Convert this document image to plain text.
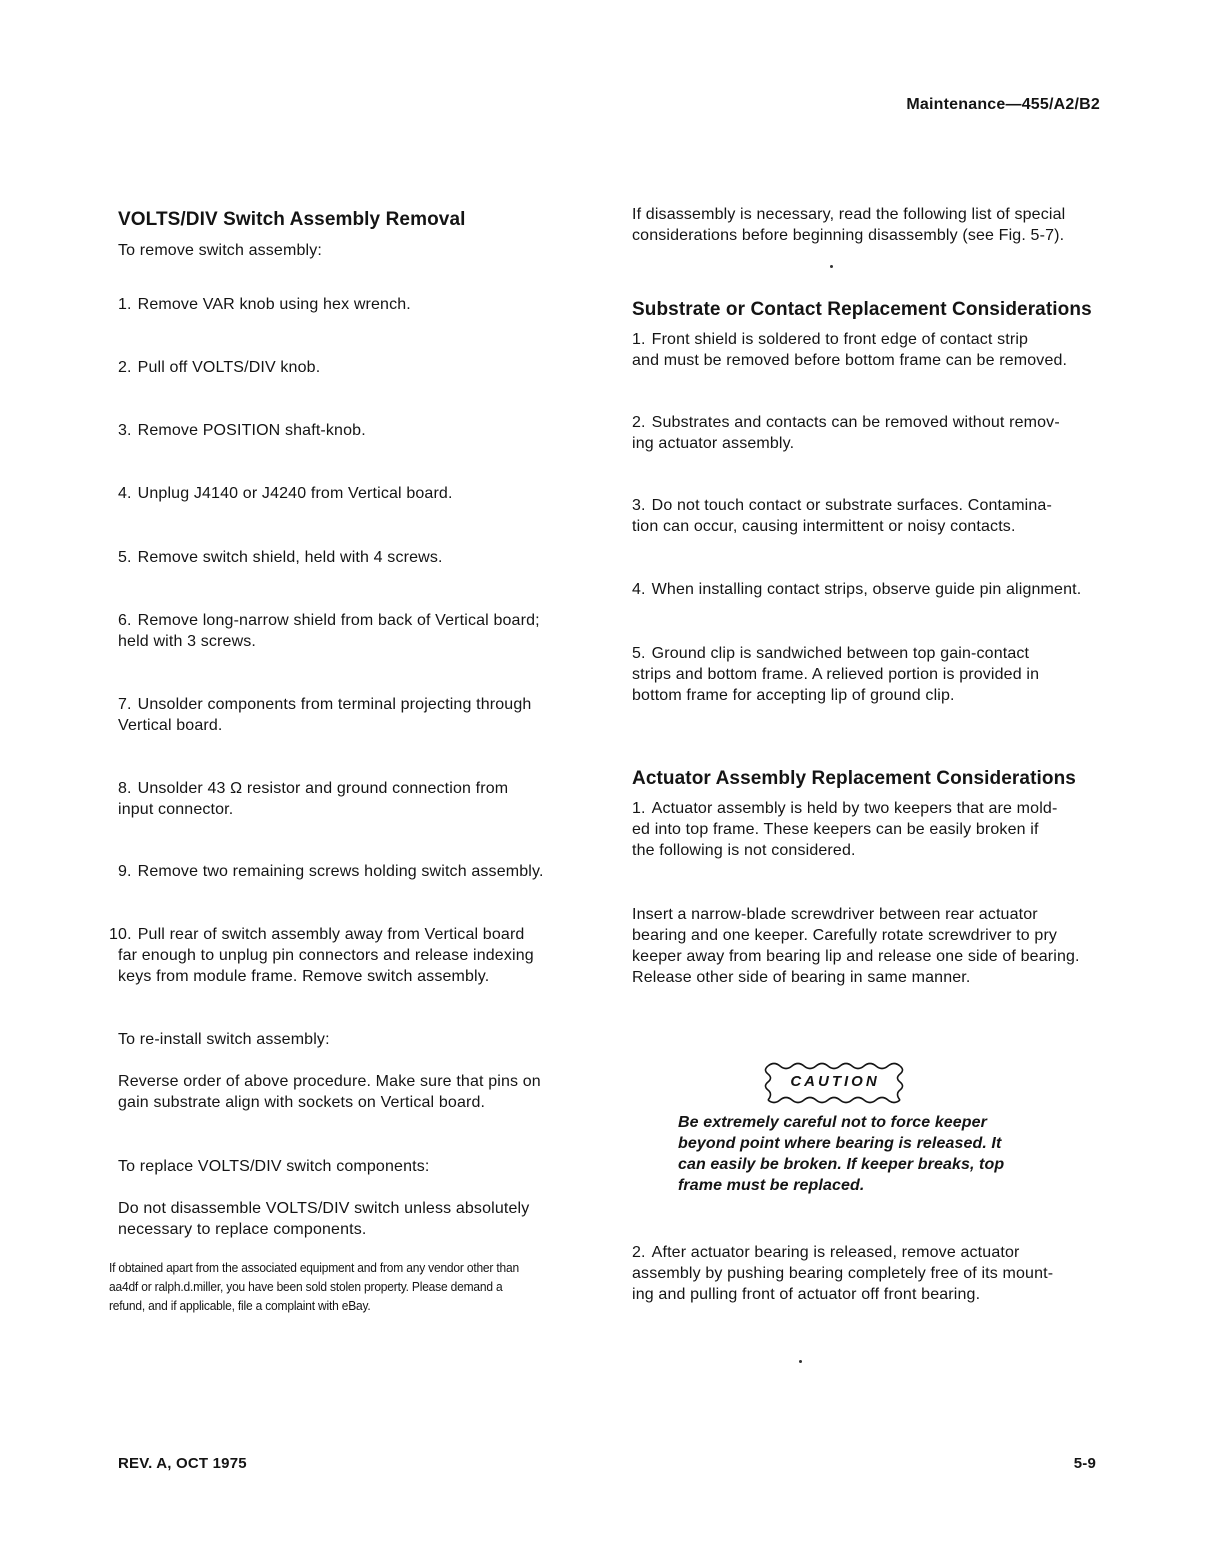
Maintenance—455/A2/B2
VOLTS/DIV Switch Assembly Removal
To remove switch assembly:
1. Remove VAR knob using hex wrench.
2. Pull off VOLTS/DIV knob.
3. Remove POSITION shaft-knob.
4. Unplug J4140 or J4240 from Vertical board.
5. Remove switch shield, held with 4 screws.
6. Remove long-narrow shield from back of Vertical board;
held with 3 screws.
7. Unsolder components from terminal projecting through
Vertical board.
8. Unsolder 43 Ω resistor and ground connection from
input connector.
9. Remove two remaining screws holding switch assembly.
10. Pull rear of switch assembly away from Vertical board
far enough to unplug pin connectors and release indexing
keys from module frame. Remove switch assembly.
To re-install switch assembly:
Reverse order of above procedure. Make sure that pins on
gain substrate align with sockets on Vertical board.
To replace VOLTS/DIV switch components:
Do not disassemble VOLTS/DIV switch unless absolutely
necessary to replace components.
If obtained apart from the associated equipment and from any vendor other than
aa4df or ralph.d.miller, you have been sold stolen property. Please demand a
refund, and if applicable, file a complaint with eBay.
If disassembly is necessary, read the following list of special
considerations before beginning disassembly (see Fig. 5-7).
Substrate or Contact Replacement Considerations
1. Front shield is soldered to front edge of contact strip
and must be removed before bottom frame can be removed.
2. Substrates and contacts can be removed without remov-
ing actuator assembly.
3. Do not touch contact or substrate surfaces. Contamina-
tion can occur, causing intermittent or noisy contacts.
4. When installing contact strips, observe guide pin alignment.
5. Ground clip is sandwiched between top gain-contact
strips and bottom frame. A relieved portion is provided in
bottom frame for accepting lip of ground clip.
Actuator Assembly Replacement Considerations
1. Actuator assembly is held by two keepers that are mold-
ed into top frame. These keepers can be easily broken if
the following is not considered.
Insert a narrow-blade screwdriver between rear actuator
bearing and one keeper. Carefully rotate screwdriver to pry
keeper away from bearing lip and release one side of bearing.
Release other side of bearing in same manner.
CAUTION
Be extremely careful not to force keeper
beyond point where bearing is released. It
can easily be broken. If keeper breaks, top
frame must be replaced.
2. After actuator bearing is released, remove actuator
assembly by pushing bearing completely free of its mount-
ing and pulling front of actuator off front bearing.
REV. A, OCT 1975	5-9
